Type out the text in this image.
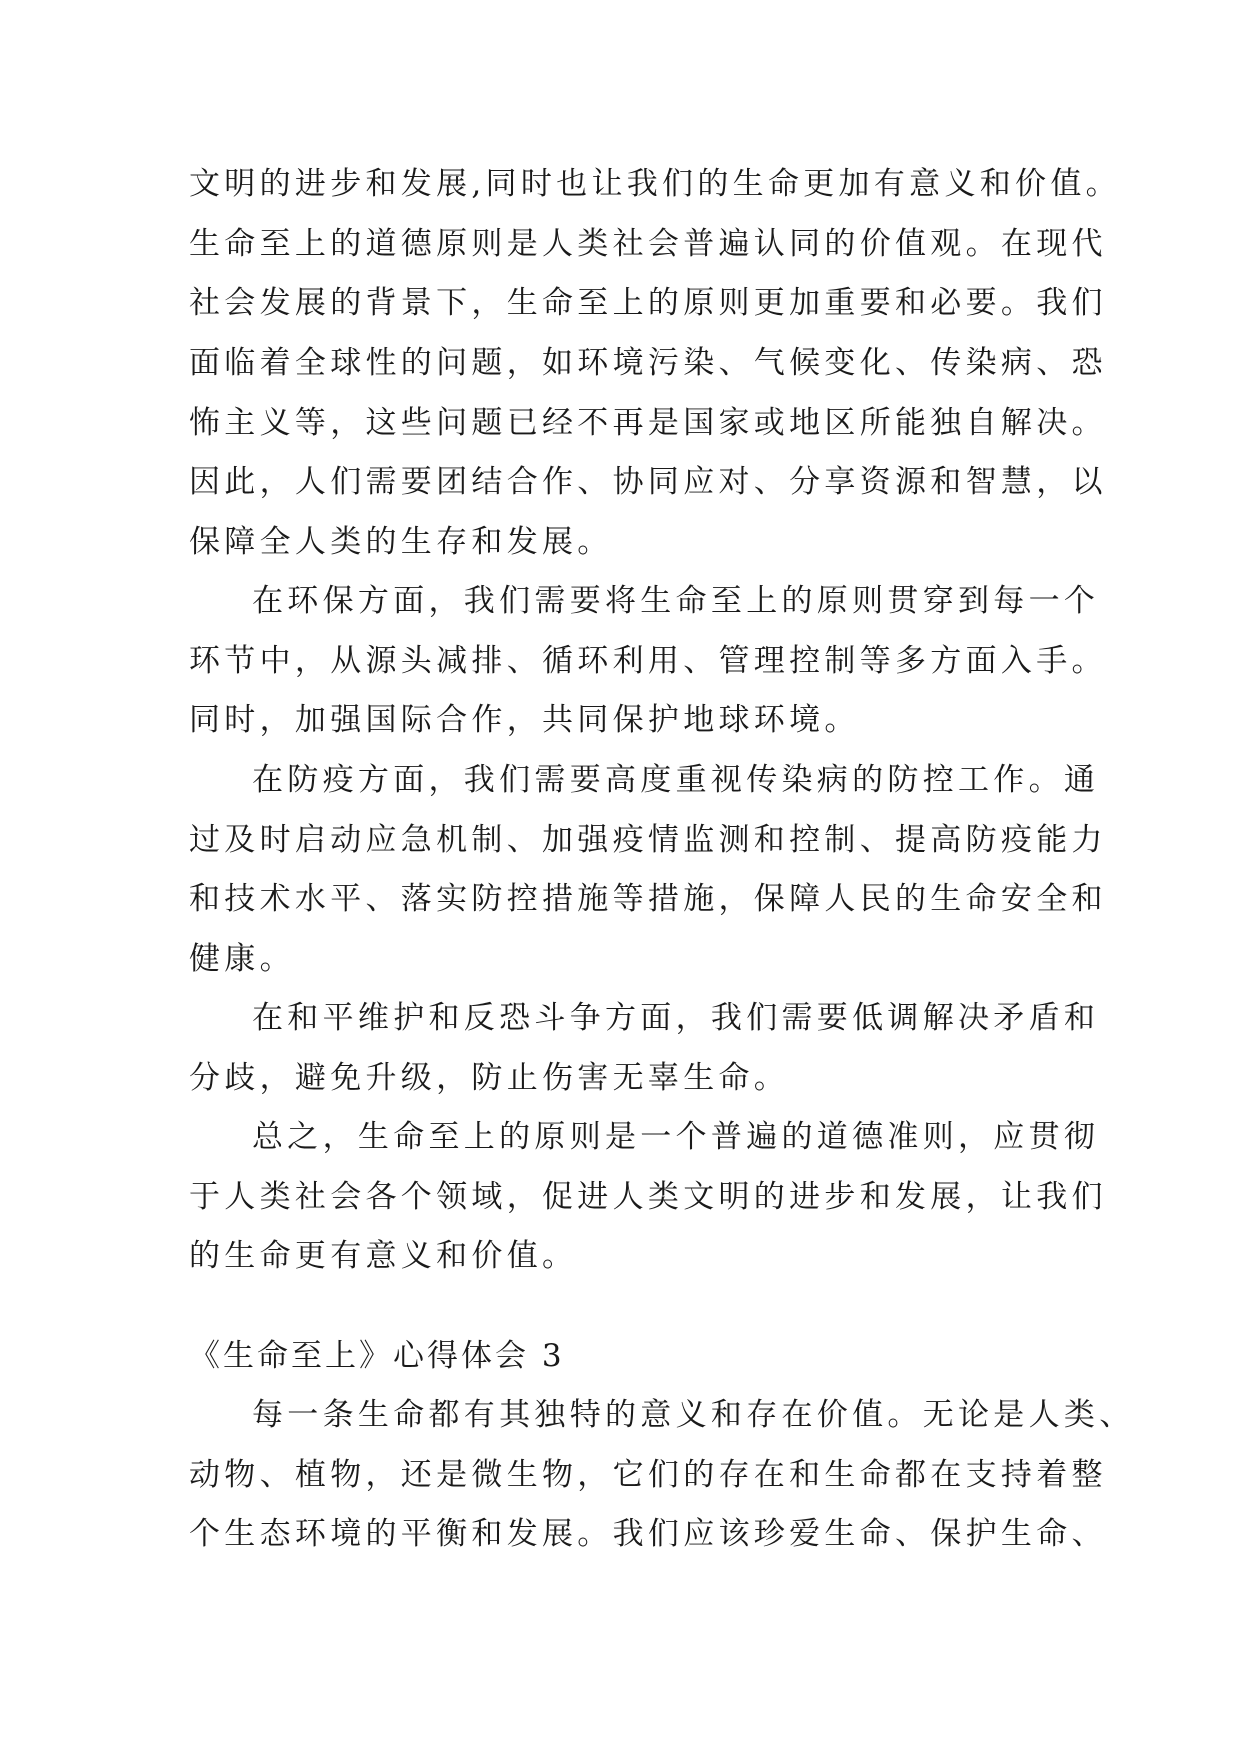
文明的进步和发展,同时也让我们的生命更加有意义和价值。
生命至上的道德原则是人类社会普遍认同的价值观。在现代
社会发展的背景下，生命至上的原则更加重要和必要。我们
面临着全球性的问题，如环境污染、气候变化、传染病、恐
怖主义等，这些问题已经不再是国家或地区所能独自解决。
因此，人们需要团结合作、协同应对、分享资源和智慧，以
保障全人类的生存和发展。
在环保方面，我们需要将生命至上的原则贯穿到每一个
环节中，从源头减排、循环利用、管理控制等多方面入手。
同时，加强国际合作，共同保护地球环境。
在防疫方面，我们需要高度重视传染病的防控工作。通
过及时启动应急机制、加强疫情监测和控制、提高防疫能力
和技术水平、落实防控措施等措施，保障人民的生命安全和
健康。
在和平维护和反恐斗争方面，我们需要低调解决矛盾和
分歧，避免升级，防止伤害无辜生命。
总之，生命至上的原则是一个普遍的道德准则，应贯彻
于人类社会各个领域，促进人类文明的进步和发展，让我们
的生命更有意义和价值。
《生命至上》心得体会 3
每一条生命都有其独特的意义和存在价值。无论是人类、
动物、植物，还是微生物，它们的存在和生命都在支持着整
个生态环境的平衡和发展。我们应该珍爱生命、保护生命、
